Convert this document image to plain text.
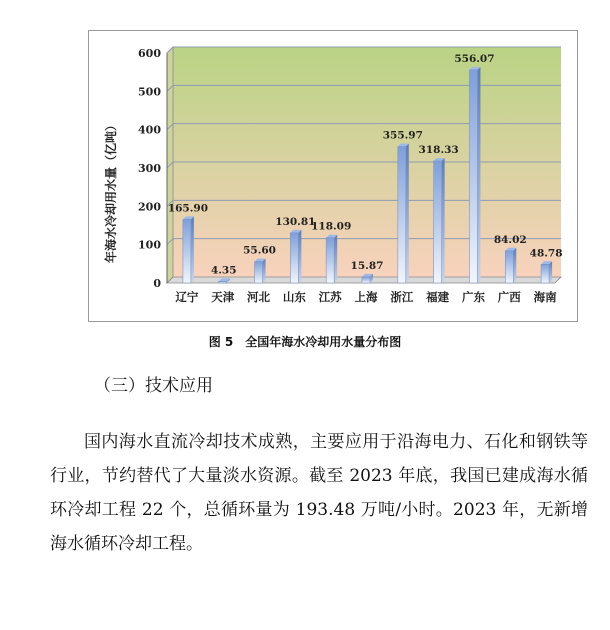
0
100
200
300
400
500
600
165.90
辽宁
4.35
天津
55.60
河北
130.81
山东
118.09
江苏
15.87
上海
355.97
浙江
318.33
福建
556.07
广东
84.02
广西
48.78
海南
年海水冷却用水量（亿吨）
图 5　全国年海水冷却用水量分布图
（三）技术应用

国内海水直流冷却技术成熟，主要应用于沿海电力、石化和钢铁等行业，节约替代了大量淡水资源。截至 2023 年底，我国已建成海水循环冷却工程 22 个，总循环量为 193.48 万吨/小时。2023 年，无新增海水循环冷却工程。
